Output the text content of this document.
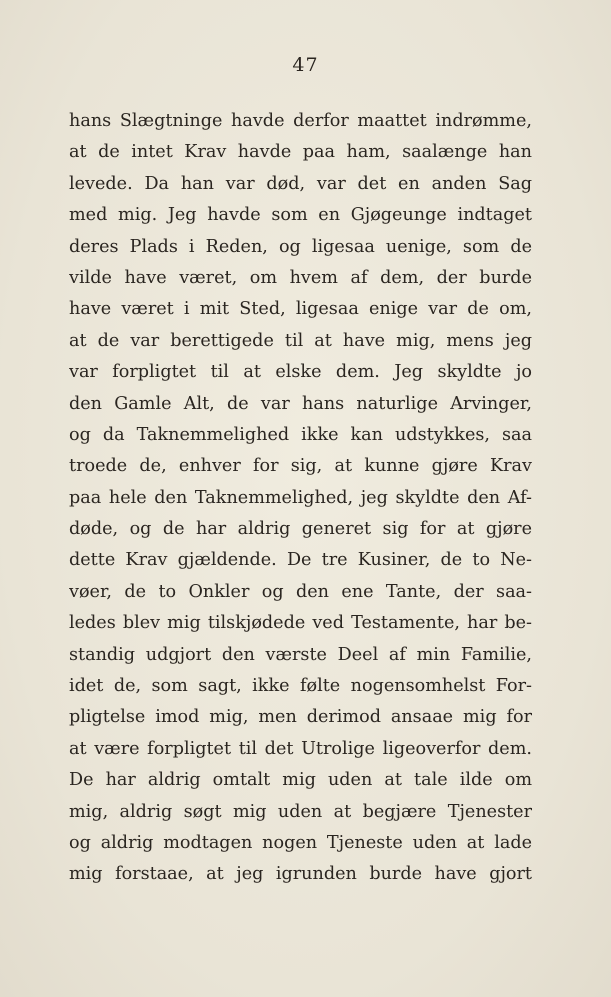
47
hans Slægtninge havde derfor maattet indrømme,
at de intet Krav havde paa ham, saalænge han
levede. Da han var død, var det en anden Sag
med mig. Jeg havde som en Gjøgeunge indtaget
deres Plads i Reden, og ligesaa uenige, som de
vilde have været, om hvem af dem, der burde
have været i mit Sted, ligesaa enige var de om,
at de var berettigede til at have mig, mens jeg
var forpligtet til at elske dem. Jeg skyldte jo
den Gamle Alt, de var hans naturlige Arvinger,
og da Taknemmelighed ikke kan udstykkes, saa
troede de, enhver for sig, at kunne gjøre Krav
paa hele den Taknemmelighed, jeg skyldte den Af-
døde, og de har aldrig generet sig for at gjøre
dette Krav gjældende. De tre Kusiner, de to Ne-
vøer, de to Onkler og den ene Tante, der saa-
ledes blev mig tilskjødede ved Testamente, har be-
standig udgjort den værste Deel af min Familie,
idet de, som sagt, ikke følte nogensomhelst For-
pligtelse imod mig, men derimod ansaae mig for
at være forpligtet til det Utrolige ligeoverfor dem.
De har aldrig omtalt mig uden at tale ilde om
mig, aldrig søgt mig uden at begjære Tjenester
og aldrig modtagen nogen Tjeneste uden at lade
mig forstaae, at jeg igrunden burde have gjort
